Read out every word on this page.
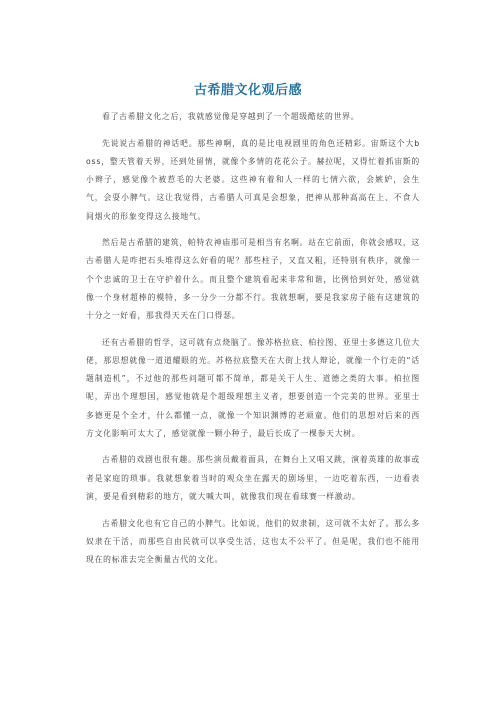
古希腊文化观后感

看了古希腊文化之后，我就感觉像是穿越到了一个超级酷炫的世界。

先说说古希腊的神话吧。那些神啊，真的是比电视剧里的角色还精彩。宙斯这个大boss，整天管着天界，还到处留情，就像个多情的花花公子。赫拉呢，又得忙着抓宙斯的小辫子，感觉像个被惹毛的大老婆。这些神有着和人一样的七情六欲，会嫉妒，会生气，会耍小脾气。这让我觉得，古希腊人可真是会想象，把神从那种高高在上、不食人间烟火的形象变得这么接地气。

然后是古希腊的建筑，帕特农神庙那可是相当有名啊。站在它前面，你就会感叹，这古希腊人是咋把石头堆得这么好看的呢？那些柱子，又直又粗，还特别有秩序，就像一个个忠诚的卫士在守护着什么。而且整个建筑看起来非常和谐，比例恰到好处，感觉就像一个身材超棒的模特，多一分少一分都不行。我就想啊，要是我家房子能有这建筑的十分之一好看，那我得天天在门口得瑟。

还有古希腊的哲学，这可就有点烧脑了。像苏格拉底、柏拉图、亚里士多德这几位大佬，那思想就像一道道耀眼的光。苏格拉底整天在大街上找人辩论，就像一个行走的“话题制造机”，不过他的那些问题可都不简单，都是关于人生、道德之类的大事。柏拉图呢，弄出个理想国，感觉他就是个超级理想主义者，想要创造一个完美的世界。亚里士多德更是个全才，什么都懂一点，就像一个知识渊博的老顽童。他们的思想对后来的西方文化影响可太大了，感觉就像一颗小种子，最后长成了一棵参天大树。

古希腊的戏剧也很有趣。那些演员戴着面具，在舞台上又唱又跳，演着英雄的故事或者是家庭的琐事。我就想象着当时的观众坐在露天的剧场里，一边吃着东西，一边看表演，要是看到精彩的地方，就大喊大叫，就像我们现在看球赛一样激动。

古希腊文化也有它自己的小脾气。比如说，他们的奴隶制，这可就不太好了。那么多奴隶在干活，而那些自由民就可以享受生活，这也太不公平了。但是呢，我们也不能用现在的标准去完全衡量古代的文化。
